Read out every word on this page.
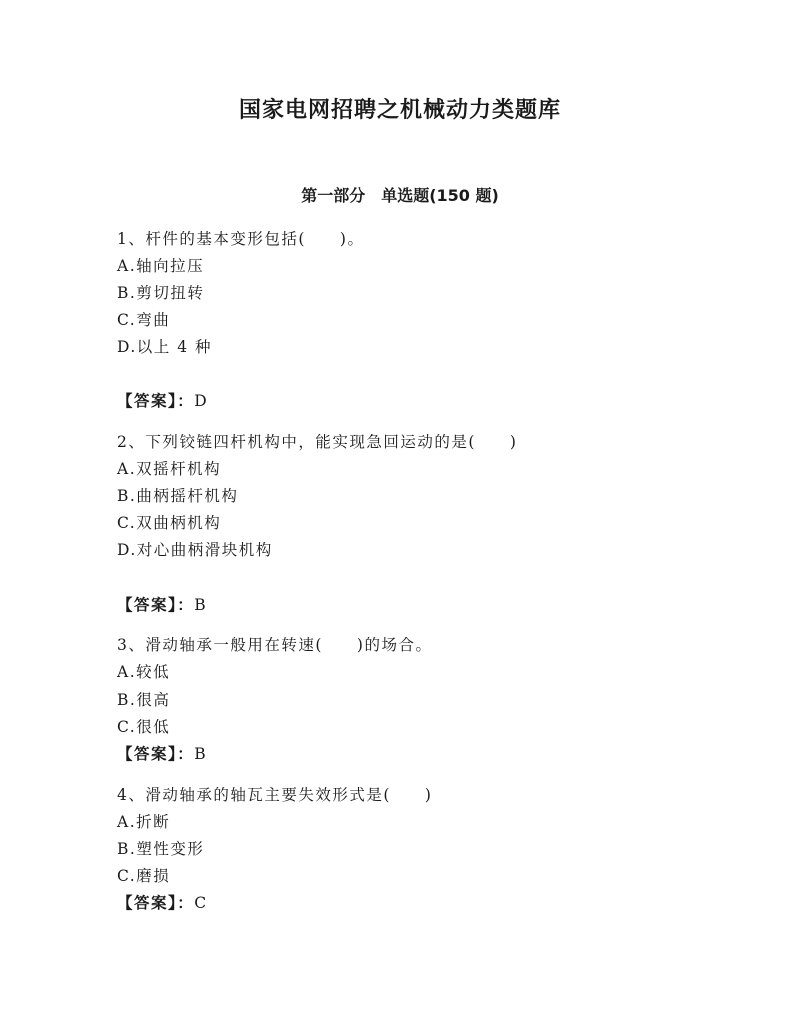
国家电网招聘之机械动力类题库
第一部分　单选题(150 题)
1、杆件的基本变形包括(　　)。
A.轴向拉压
B.剪切扭转
C.弯曲
D.以上 4 种
【答案】：D
2、下列铰链四杆机构中，能实现急回运动的是(　　)
A.双摇杆机构
B.曲柄摇杆机构
C.双曲柄机构
D.对心曲柄滑块机构
【答案】：B
3、滑动轴承一般用在转速(　　)的场合。
A.较低
B.很高
C.很低
【答案】：B
4、滑动轴承的轴瓦主要失效形式是(　　)
A.折断
B.塑性变形
C.磨损
【答案】：C
